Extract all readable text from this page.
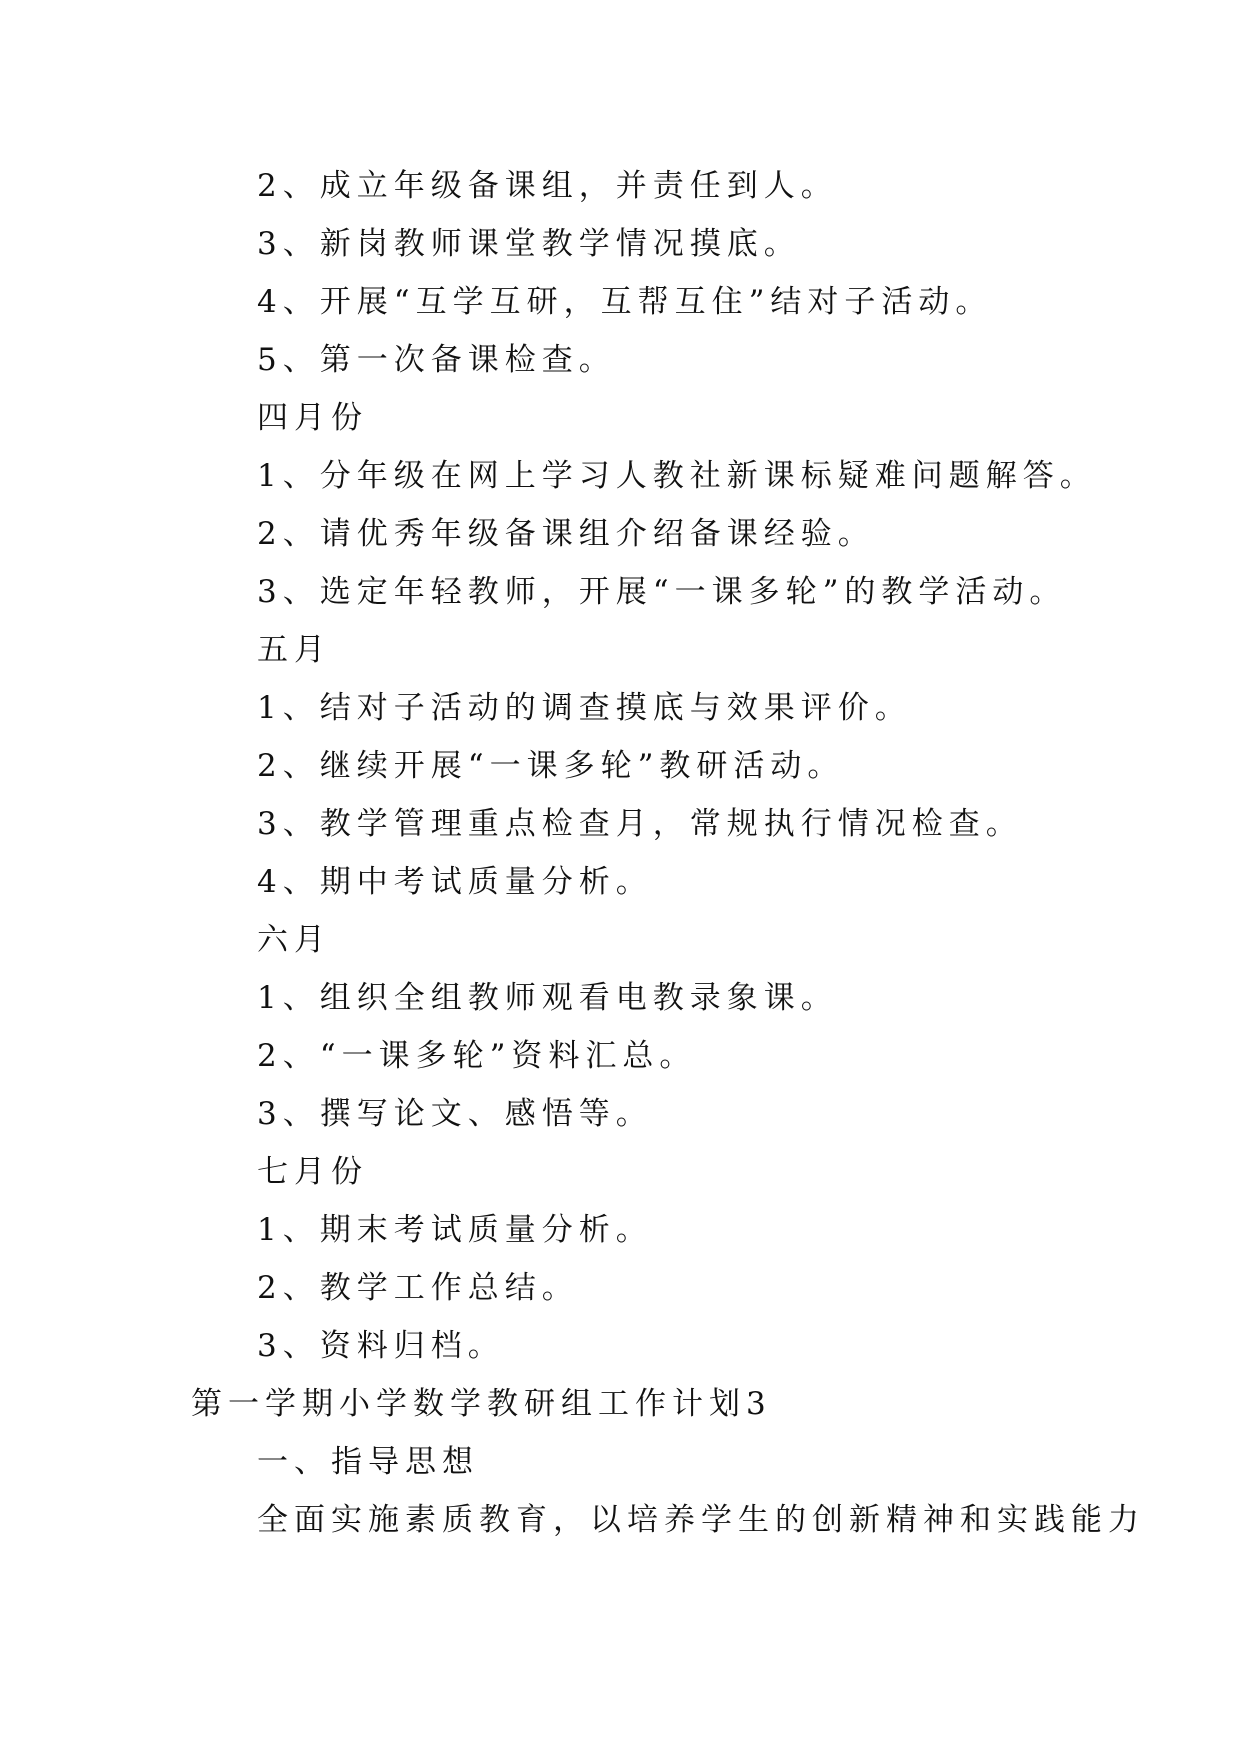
2、成立年级备课组，并责任到人。
3、新岗教师课堂教学情况摸底。
4、开展“互学互研，互帮互住”结对子活动。
5、第一次备课检查。
四月份
1、分年级在网上学习人教社新课标疑难问题解答。
2、请优秀年级备课组介绍备课经验。
3、选定年轻教师，开展“一课多轮”的教学活动。
五月
1、结对子活动的调查摸底与效果评价。
2、继续开展“一课多轮”教研活动。
3、教学管理重点检查月，常规执行情况检查。
4、期中考试质量分析。
六月
1、组织全组教师观看电教录象课。
2、“一课多轮”资料汇总。
3、撰写论文、感悟等。
七月份
1、期末考试质量分析。
2、教学工作总结。
3、资料归档。
第一学期小学数学教研组工作计划3
一、指导思想
全面实施素质教育，以培养学生的创新精神和实践能力
